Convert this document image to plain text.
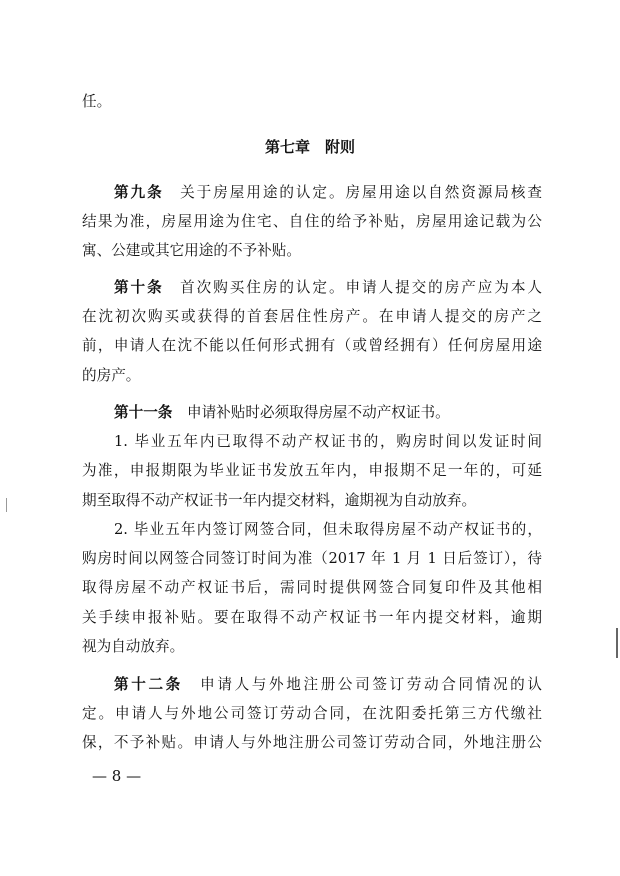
第七章　附则
任。
第九条　关于房屋用途的认定。房屋用途以自然资源局核查
结果为准，房屋用途为住宅、自住的给予补贴，房屋用途记载为公
寓、公建或其它用途的不予补贴。
第十条　首次购买住房的认定。申请人提交的房产应为本人
在沈初次购买或获得的首套居住性房产。在申请人提交的房产之
前，申请人在沈不能以任何形式拥有（或曾经拥有）任何房屋用途
的房产。
第十一条　申请补贴时必须取得房屋不动产权证书。
1. 毕业五年内已取得不动产权证书的，购房时间以发证时间
为准，申报期限为毕业证书发放五年内，申报期不足一年的，可延
期至取得不动产权证书一年内提交材料，逾期视为自动放弃。
2. 毕业五年内签订网签合同，但未取得房屋不动产权证书的，
购房时间以网签合同签订时间为准（2017 年 1 月 1 日后签订），待
取得房屋不动产权证书后，需同时提供网签合同复印件及其他相
关手续申报补贴。要在取得不动产权证书一年内提交材料，逾期
视为自动放弃。
第十二条　申请人与外地注册公司签订劳动合同情况的认
定。申请人与外地公司签订劳动合同，在沈阳委托第三方代缴社
保，不予补贴。申请人与外地注册公司签订劳动合同，外地注册公
— 8 —
